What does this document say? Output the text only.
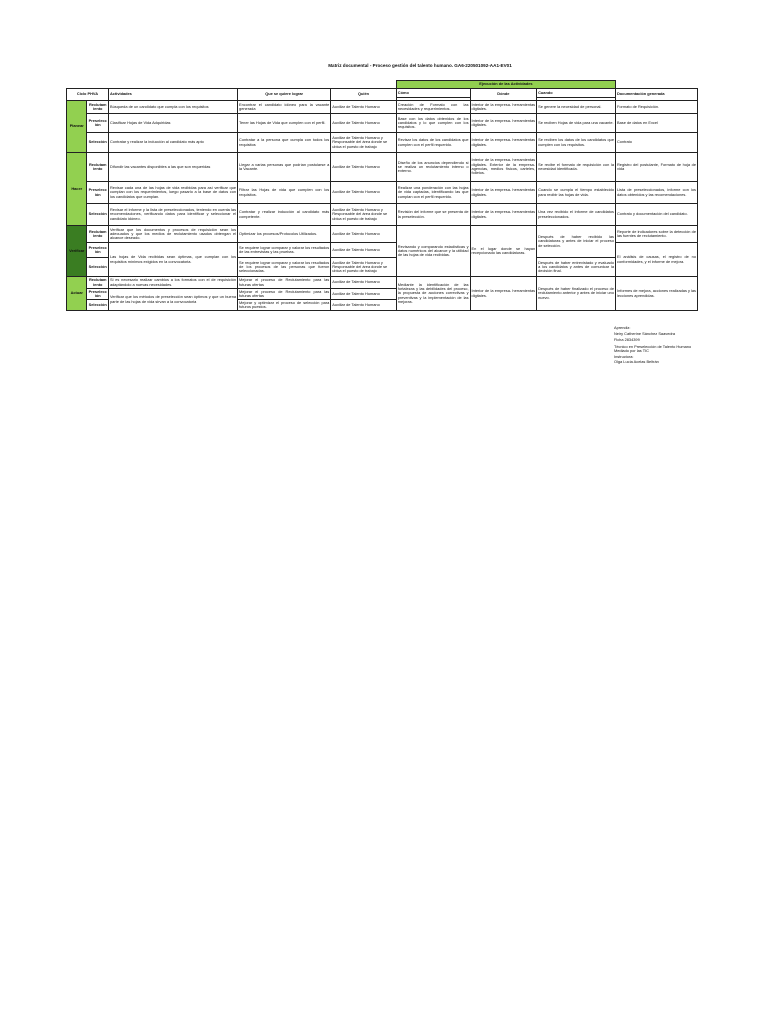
Matriz documental - Proceso gestión del talento humano. GA6-220501092-AA1-EV01
					Ejecución de las Actividades			
Ciclo PHVA		Actividades	Que se quiere lograr	Quién	Cómo	Dónde	Cuando	Documentación generada

Planear	Reclutamiento	Búsqueda de un candidato que cumpla con los requisitos	Encontrar el candidato idóneo para la vacante generada	Auxiliar de Talento Humano	Creación de Formato con las necesidades y requerimientos.	Interior de la empresa- herramientas digitales.	Se genere la necesidad de personal.	Formato de Requisición.
	Preselección	Clasificar Hojas de Vida Adquiridas	Tener las Hojas de Vida que cumplen con el perfil.	Auxiliar de Talento Humano	Base con los datos obtenidos de los candidatos y lo que cumplen con los requisitos.	Interior de la empresa- herramientas digitales.	Se reciben Hojas de vida para una vacante.	Base de datos en Excel
	Selección	Contratar y realizar la inducción al candidato más apto	Contratar a la persona que cumpla con todos los requisitos	Auxiliar de Talento Humano y Responsable del área donde se ubica el puesto de trabajo	Revisar los datos de los candidatos que cumplen con el perfil requerido.	Interior de la empresa- herramientas digitales.	Se reciben los datos de los candidatos que cumplen con los requisitos.	Contrato
Hacer	Reclutamiento	Difundir las vacantes disponibles a las que son requeridas	Llegar a varias personas que podrían postularse a la Vacante.	Auxiliar de Talento Humano	Diseño de los anuncios dependiendo si se realiza un reclutamiento interno o externo.	Interior de la empresa- herramientas digitales. Exterior de la empresa- agencias, medios físicos, carteles, folletos.	Se recibe el formato de requisición con la necesidad identificada.	Registro del postulante, Formato de hoja de vida
	Preselección	Revisar cada una de las hojas de vida recibidas para así verificar que cumplan con los requerimientos, luego pasarlo a la base de datos con los candidatos que cumplan.	Filtrar las Hojas de vida que cumplen con los requisitos.	Auxiliar de Talento Humano	Realizar una ponderación con las hojas de vida captadas, identificando las que cumplan con el perfil requerido.	Interior de la empresa- herramientas digitales.	Cuando se cumpla el tiempo establecido para recibir las hojas de vida.	Lista de preseleccionados, informe con los datos obtenidos y las recomendaciones.
	Selección	Revisar el informe y la lista de preseleccionados, teniendo en cuenta las recomendaciones, verificando datos para identificar y seleccionar el candidato idóneo.	Contratar y realizar inducción al candidato más competente.	Auxiliar de Talento Humano y Responsable del área donde se ubica el puesto de trabajo	Revisión del informe que se presenta de la preselección.	Interior de la empresa- herramientas digitales.	Una vez recibido el informe de candidatos preseleccionados.	Contrato y documentación del candidato.
Verificar	Reclutamiento	Verificar que los documentos y procesos de requisición sean los adecuados y que los medios de reclutamiento usados obtengan el alcance deseado.	Optimizar los procesos/Protocolos Utilizados.	Auxiliar de Talento Humano	Revisando y comparando estadísticas y datos numéricos del alcance y la utilidad de las hojas de vida recibidas.	En el lugar donde se hayan recepcionado las candidaturas.	Después de haber recibido las candidaturas y antes de iniciar el proceso de selección.	Reporte de indicadores sobre la detección de las fuentes de reclutamiento.
	Preselección	Las hojas de Vida recibidas sean óptimas, que cumplan con los requisitos mínimos exigidos en la convocatoria.	Se requiere lograr comparar y valorar los resultados de las entrevistas y las pruebas.	Auxiliar de Talento Humano				El análisis de causas, el registro de no conformidades, y el informe de mejora.
	Selección		Se requiere lograr comparar y valorar los resultados de los procesos de las personas que fueron seleccionadas.	Auxiliar de Talento Humano y Responsable del área donde se ubica el puesto de trabajo			Después de haber entrevistado y evaluado a los candidatos y antes de comunicar la decisión final.	
Actuar	Reclutamiento	Si es necesario realizar cambios a los formatos con el de requisición adaptándolo a nuevas necesidades.	Mejorar el proceso de Reclutamiento para las futuras ofertas	Auxiliar de Talento Humano	Mediante la identificación de las fortalezas y las debilidades del proceso, la propuesta de acciones correctivas y preventivas y la implementación de las mejoras.	Interior de la empresa- herramientas digitales.	Después de haber finalizado el proceso de reclutamiento anterior y antes de iniciar uno nuevo.	Informes de mejora, acciones realizadas y las lecciones aprendidas.
	Preselección	Verificar que los métodos de preselección sean óptimos y que un buena parte de las hojas de vida sirvan a la convocatoria	Mejorar el proceso de Reclutamiento para las futuras ofertas	Auxiliar de Talento Humano				
	Selección		Mejorar y optimizar el proceso de selección para futuros puestos.	Auxiliar de Talento Humano				
Aprendiz:
Neiry Catherine Sánchez Saavedra
Ficha 2834399
Técnico en Preselección de Talento Humano Mediado por las TIC
Instructora:
Olga Lucía Acelas Beltrán
